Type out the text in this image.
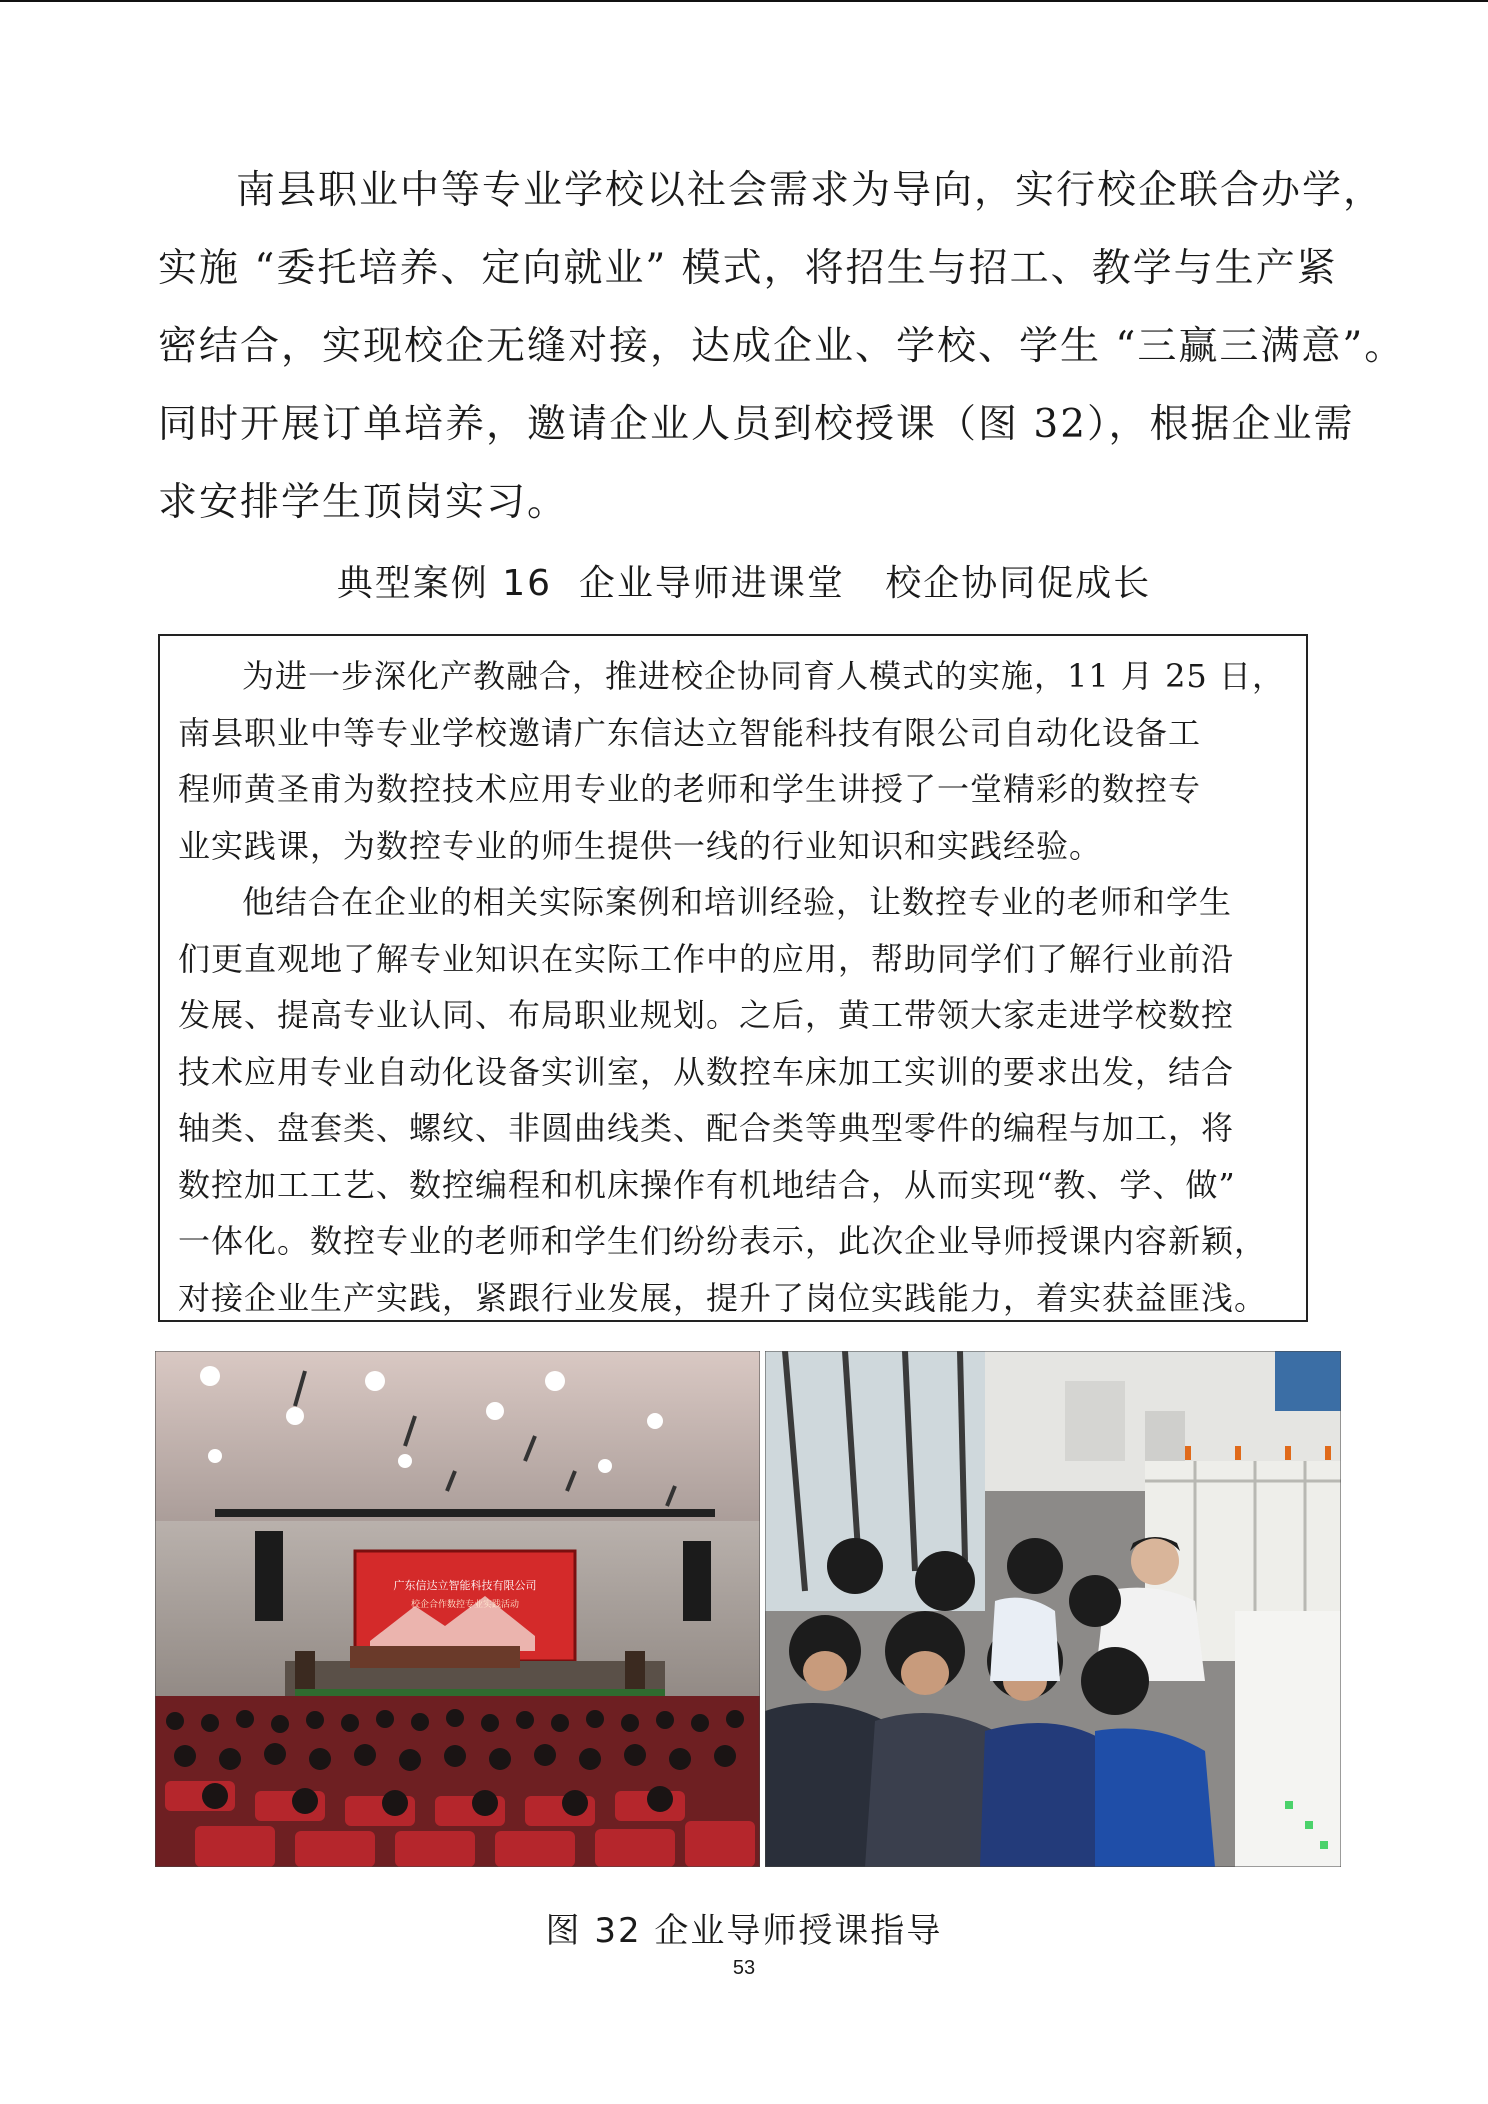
南县职业中等专业学校以社会需求为导向，实行校企联合办学，
实施 “委托培养、定向就业” 模式，将招生与招工、教学与生产紧
密结合，实现校企无缝对接，达成企业、学校、学生 “三赢三满意”。
同时开展订单培养，邀请企业人员到校授课（图 32），根据企业需
求安排学生顶岗实习。
典型案例 16  企业导师进课堂   校企协同促成长
为进一步深化产教融合，推进校企协同育人模式的实施，11 月 25 日，
南县职业中等专业学校邀请广东信达立智能科技有限公司自动化设备工
程师黄圣甫为数控技术应用专业的老师和学生讲授了一堂精彩的数控专
业实践课，为数控专业的师生提供一线的行业知识和实践经验。
他结合在企业的相关实际案例和培训经验，让数控专业的老师和学生
们更直观地了解专业知识在实际工作中的应用，帮助同学们了解行业前沿
发展、提高专业认同、布局职业规划。之后，黄工带领大家走进学校数控
技术应用专业自动化设备实训室，从数控车床加工实训的要求出发，结合
轴类、盘套类、螺纹、非圆曲线类、配合类等典型零件的编程与加工，将
数控加工工艺、数控编程和机床操作有机地结合，从而实现“教、学、做”
一体化。数控专业的老师和学生们纷纷表示，此次企业导师授课内容新颖，
对接企业生产实践，紧跟行业发展，提升了岗位实践能力，着实获益匪浅。
广东信达立智能科技有限公司
校企合作数控专业实践活动
图 32 企业导师授课指导
53
